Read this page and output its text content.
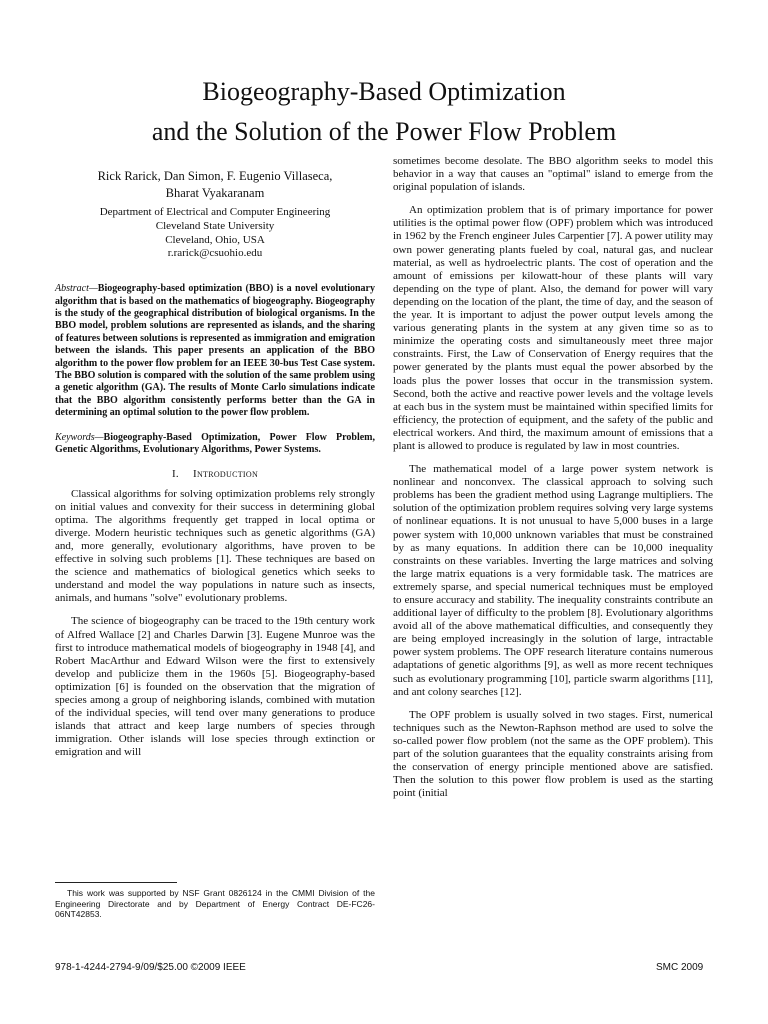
Biogeography-Based Optimization
and the Solution of the Power Flow Problem
Rick Rarick, Dan Simon, F. Eugenio Villaseca,
Bharat Vyakaranam
Department of Electrical and Computer Engineering
Cleveland State University
Cleveland, Ohio, USA
r.rarick@csuohio.edu
Abstract—Biogeography-based optimization (BBO) is a novel evolutionary algorithm that is based on the mathematics of biogeography. Biogeography is the study of the geographical distribution of biological organisms. In the BBO model, problem solutions are represented as islands, and the sharing of features between solutions is represented as immigration and emigration between the islands. This paper presents an application of the BBO algorithm to the power flow problem for an IEEE 30-bus Test Case system. The BBO solution is compared with the solution of the same problem using a genetic algorithm (GA). The results of Monte Carlo simulations indicate that the BBO algorithm consistently performs better than the GA in determining an optimal solution to the power flow problem.
Keywords—Biogeography-Based Optimization, Power Flow Problem, Genetic Algorithms, Evolutionary Algorithms, Power Systems.
I. Introduction

Classical algorithms for solving optimization problems rely strongly on initial values and convexity for their success in determining global optima. The algorithms frequently get trapped in local optima or diverge. Modern heuristic techniques such as genetic algorithms (GA) and, more generally, evolutionary algorithms, have proven to be effective in solving such problems [1]. These techniques are based on the science and mathematics of biological genetics which seeks to understand and model the way populations in nature such as insects, animals, and humans "solve" evolutionary problems.

The science of biogeography can be traced to the 19th century work of Alfred Wallace [2] and Charles Darwin [3]. Eugene Munroe was the first to introduce mathematical models of biogeography in 1948 [4], and Robert MacArthur and Edward Wilson were the first to extensively develop and publicize them in the 1960s [5]. Biogeography-based optimization [6] is founded on the observation that the migration of species among a group of neighboring islands, combined with mutation of the individual species, will tend over many generations to produce islands that attract and keep large numbers of species through immigration. Other islands will lose species through extinction or emigration and will

sometimes become desolate. The BBO algorithm seeks to model this behavior in a way that causes an "optimal" island to emerge from the original population of islands.

An optimization problem that is of primary importance for power utilities is the optimal power flow (OPF) problem which was introduced in 1962 by the French engineer Jules Carpentier [7]. A power utility may own power generating plants fueled by coal, natural gas, and nuclear material, as well as hydroelectric plants. The cost of operation and the amount of emissions per kilowatt-hour of these plants will vary depending on the type of plant. Also, the demand for power will vary depending on the location of the plant, the time of day, and the season of the year. It is important to adjust the power output levels among the various generating plants in the system at any given time so as to minimize the operating costs and simultaneously meet three major constraints. First, the Law of Conservation of Energy requires that the power generated by the plants must equal the power absorbed by the loads plus the power losses that occur in the transmission system. Second, both the active and reactive power levels and the voltage levels at each bus in the system must be maintained within specified limits for efficiency, the protection of equipment, and the safety of the public and electrical workers. And third, the maximum amount of emissions that a plant is allowed to produce is regulated by law in most countries.

The mathematical model of a large power system network is nonlinear and nonconvex. The classical approach to solving such problems has been the gradient method using Lagrange multipliers. The solution of the optimization problem requires solving very large systems of nonlinear equations. It is not unusual to have 5,000 buses in a large power system with 10,000 unknown variables that must be constrained by as many equations. In addition there can be 10,000 inequality constraints on these variables. Inverting the large matrices and solving the large matrix equations is a very formidable task. The matrices are extremely sparse, and special numerical techniques must be employed to ensure accuracy and stability. The inequality constraints contribute an additional layer of difficulty to the problem [8]. Evolutionary algorithms avoid all of the above mathematical difficulties, and consequently they are being employed increasingly in the solution of large, intractable power system problems. The OPF research literature contains numerous adaptations of genetic algorithms [9], as well as more recent techniques such as evolutionary programming [10], particle swarm algorithms [11], and ant colony searches [12].

The OPF problem is usually solved in two stages. First, numerical techniques such as the Newton-Raphson method are used to solve the so-called power flow problem (not the same as the OPF problem). This part of the solution guarantees that the equality constraints arising from the conservation of energy principle mentioned above are satisfied. Then the solution to this power flow problem is used as the starting point (initial

This work was supported by NSF Grant 0826124 in the CMMI Division of the Engineering Directorate and by Department of Energy Contract DE-FC26-06NT42853.
978-1-4244-2794-9/09/$25.00 ©2009 IEEE	SMC 2009
